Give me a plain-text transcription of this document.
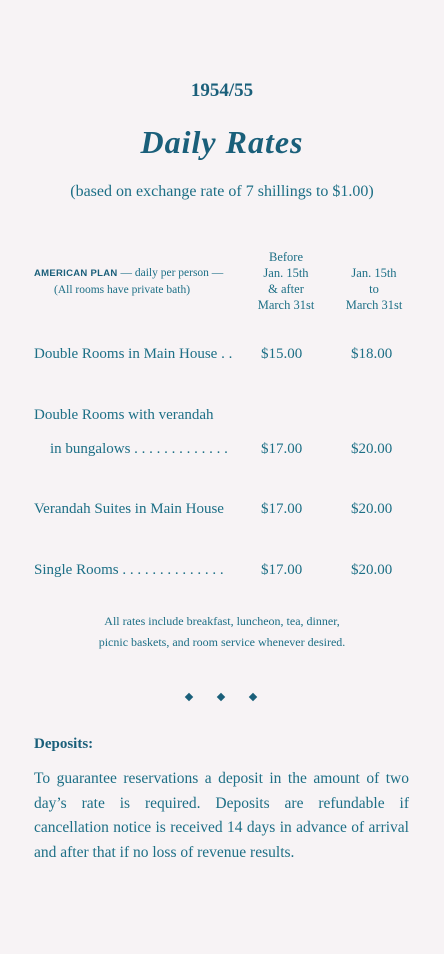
1954/55
Daily Rates
(based on exchange rate of 7 shillings to $1.00)
AMERICAN PLAN — daily per person —
(All rooms have private bath)
Before
Jan. 15th
& after
March 31st
Jan. 15th
to
March 31st
Double Rooms in Main House . . $15.00	$18.00
Double Rooms with verandah
in bungalows . . . . . . . . . . . . . $17.00	$20.00
Verandah Suites in Main House $17.00	$20.00
Single Rooms . . . . . . . . . . . . . . $17.00	$20.00
All rates include breakfast, luncheon, tea, dinner,
picnic baskets, and room service whenever desired.
Deposits:
To guarantee reservations a deposit in the amount of two day’s rate is required. Deposits are refundable if cancellation notice is received 14 days in advance of arrival and after that if no loss of revenue results.
